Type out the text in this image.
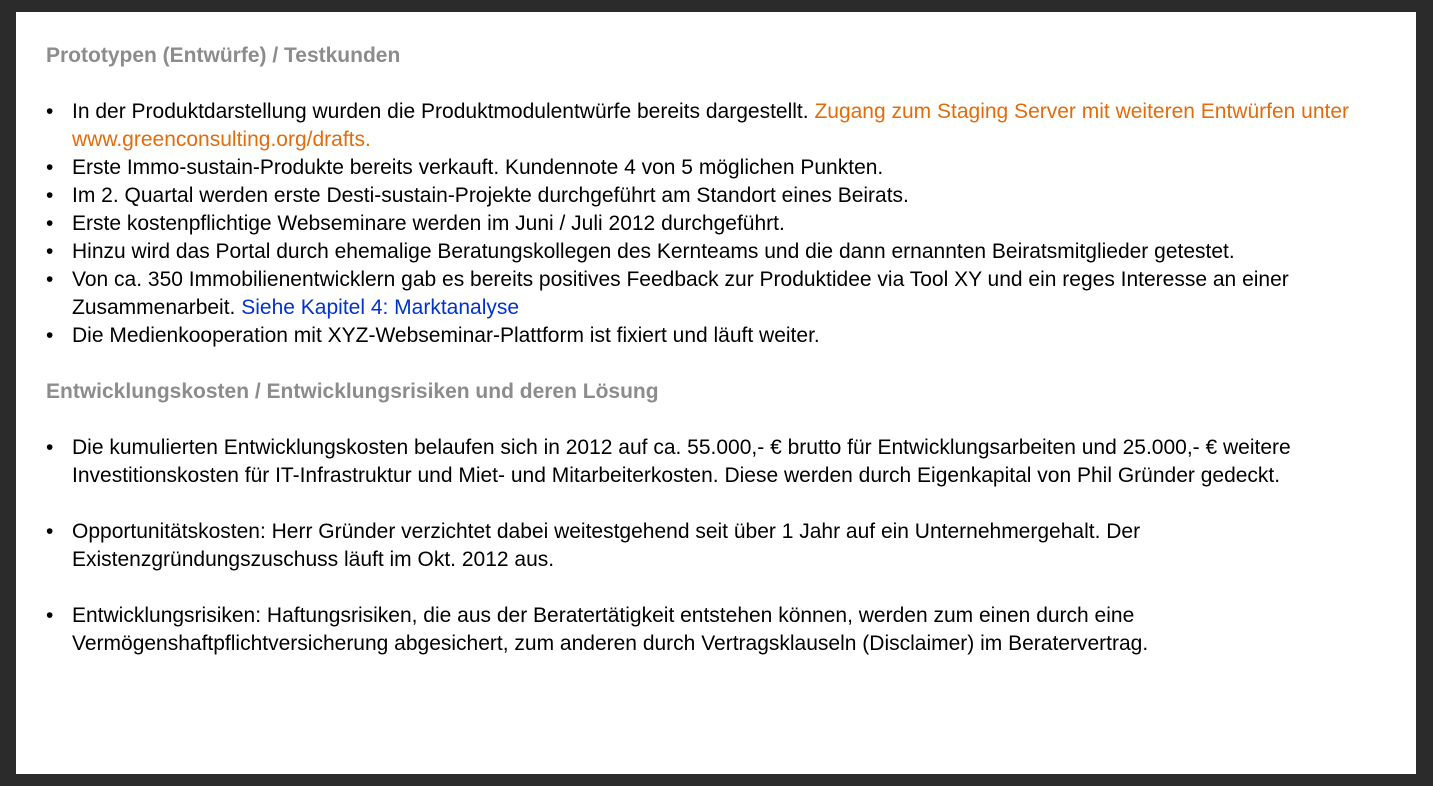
Prototypen (Entwürfe) / Testkunden
• In der Produktdarstellung wurden die Produktmodulentwürfe bereits dargestellt. Zugang zum Staging Server mit weiteren Entwürfen unter www.greenconsulting.org/drafts.
• Erste Immo-sustain-Produkte bereits verkauft. Kundennote 4 von 5 möglichen Punkten.
• Im 2. Quartal werden erste Desti-sustain-Projekte durchgeführt am Standort eines Beirats.
• Erste kostenpflichtige Webseminare werden im Juni / Juli 2012 durchgeführt.
• Hinzu wird das Portal durch ehemalige Beratungskollegen des Kernteams und die dann ernannten Beiratsmitglieder getestet.
• Von ca. 350 Immobilienentwicklern gab es bereits positives Feedback zur Produktidee via Tool XY und ein reges Interesse an einer Zusammenarbeit. Siehe Kapitel 4: Marktanalyse
• Die Medienkooperation mit XYZ-Webseminar-Plattform ist fixiert und läuft weiter.
Entwicklungskosten / Entwicklungsrisiken und deren Lösung
• Die kumulierten Entwicklungskosten belaufen sich in 2012 auf ca. 55.000,- € brutto für Entwicklungsarbeiten und 25.000,- € weitere Investitionskosten für IT-Infrastruktur und Miet- und Mitarbeiterkosten. Diese werden durch Eigenkapital von Phil Gründer gedeckt.
• Opportunitätskosten: Herr Gründer verzichtet dabei weitestgehend seit über 1 Jahr auf ein Unternehmergehalt. Der Existenzgründungszuschuss läuft im Okt. 2012 aus.
• Entwicklungsrisiken: Haftungsrisiken, die aus der Beratertätigkeit entstehen können, werden zum einen durch eine Vermögenshaftpflichtversicherung abgesichert, zum anderen durch Vertragsklauseln (Disclaimer) im Beratervertrag.
